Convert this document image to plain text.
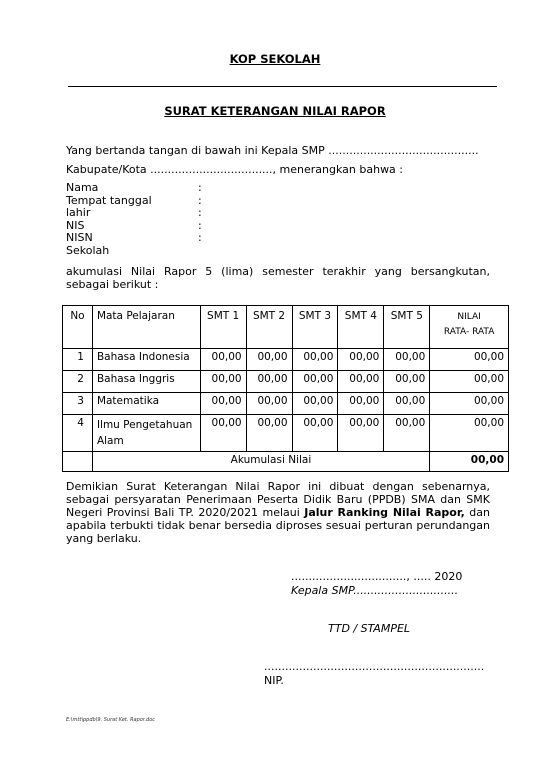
KOP SEKOLAH
SURAT KETERANGAN NILAI RAPOR
Yang bertanda tangan di bawah ini Kepala SMP ...........................................
Kabupate/Kota ..................................., menerangkan bahwa :
Nama	:
Tempat tanggal	:
lahir	:
NIS	:
NISN	:
Sekolah
akumulasi Nilai Rapor 5 (lima) semester terakhir yang bersangkutan, sebagai berikut :
No	Mata Pelajaran	SMT 1	SMT 2	SMT 3	SMT 4	SMT 5	NILAI
RATA- RATA

1	Bahasa Indonesia	00,00	00,00	00,00	00,00	00,00	00,00
2	Bahasa Inggris	00,00	00,00	00,00	00,00	00,00	00,00
3	Matematika	00,00	00,00	00,00	00,00	00,00	00,00
4	Ilmu Pengetahuan Alam	00,00	00,00	00,00	00,00	00,00	00,00
	Akumulasi Nilai						00,00
Demikian Surat Keterangan Nilai Rapor ini dibuat dengan sebenarnya, sebagai persyaratan Penerimaan Peserta Didik Baru (PPDB) SMA dan SMK Negeri Provinsi Bali TP. 2020/2021 melaui Jalur Ranking Nilai Rapor, dan apabila terbukti tidak benar bersedia diproses sesuai perturan perundangan yang berlaku.
................................., ..... 2020
Kepala SMP..............................
TTD / STAMPEL
...............................................................
NIP.
E:\mtt\ppdb\9. Surat Ket. Rapor.doc
